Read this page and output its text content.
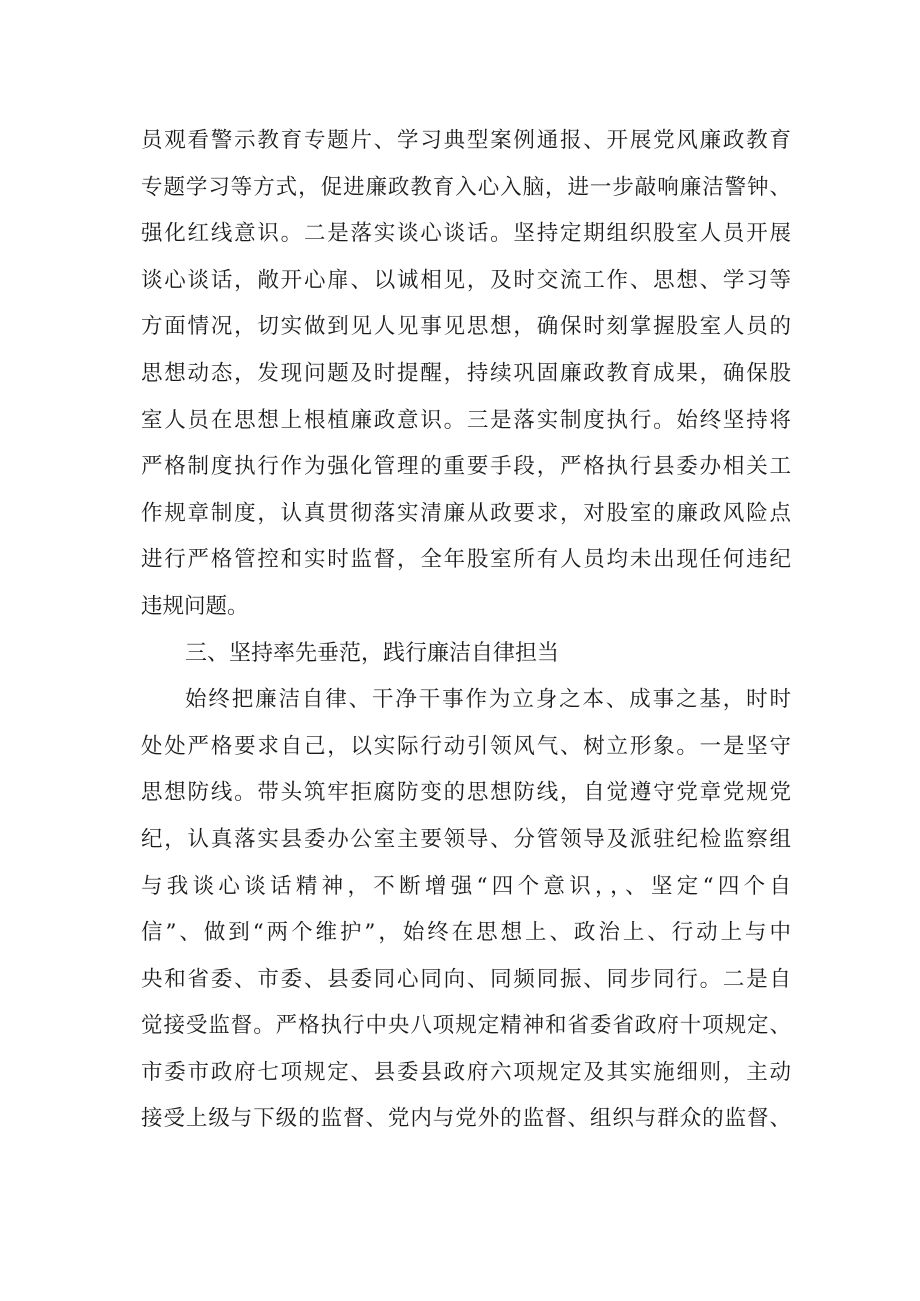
员观看警示教育专题片、学习典型案例通报、开展党风廉政教育
专题学习等方式，促进廉政教育入心入脑，进一步敲响廉洁警钟、
强化红线意识。二是落实谈心谈话。坚持定期组织股室人员开展
谈心谈话，敞开心扉、以诚相见，及时交流工作、思想、学习等
方面情况，切实做到见人见事见思想，确保时刻掌握股室人员的
思想动态，发现问题及时提醒，持续巩固廉政教育成果，确保股
室人员在思想上根植廉政意识。三是落实制度执行。始终坚持将
严格制度执行作为强化管理的重要手段，严格执行县委办相关工
作规章制度，认真贯彻落实清廉从政要求，对股室的廉政风险点
进行严格管控和实时监督，全年股室所有人员均未出现任何违纪
违规问题。
三、坚持率先垂范，践行廉洁自律担当
始终把廉洁自律、干净干事作为立身之本、成事之基，时时
处处严格要求自己，以实际行动引领风气、树立形象。一是坚守
思想防线。带头筑牢拒腐防变的思想防线，自觉遵守党章党规党
纪，认真落实县委办公室主要领导、分管领导及派驻纪检监察组
与我谈心谈话精神，不断增强“四个意识，，、坚定“四个自
信”、做到“两个维护”，始终在思想上、政治上、行动上与中
央和省委、市委、县委同心同向、同频同振、同步同行。二是自
觉接受监督。严格执行中央八项规定精神和省委省政府十项规定、
市委市政府七项规定、县委县政府六项规定及其实施细则，主动
接受上级与下级的监督、党内与党外的监督、组织与群众的监督、
